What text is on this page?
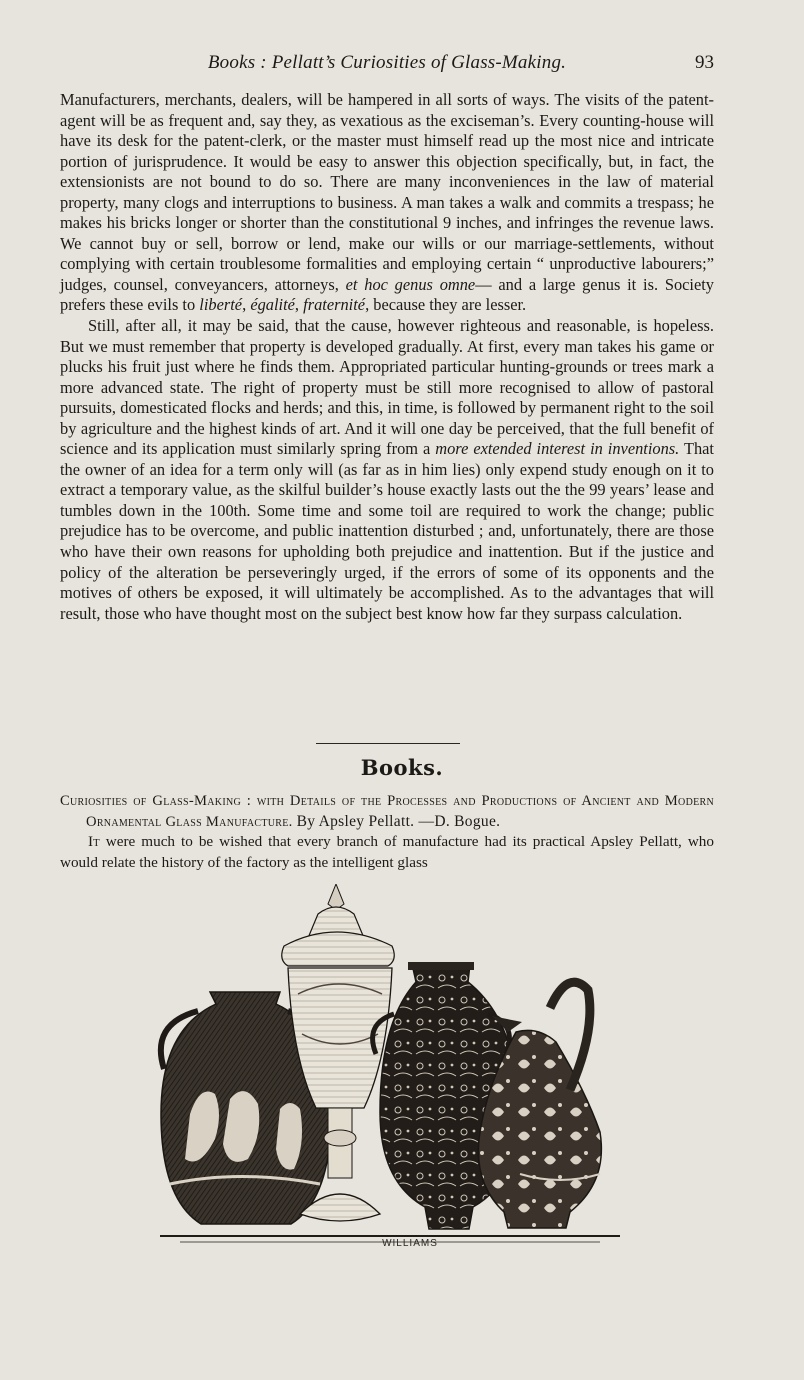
Books : Pellatt’s Curiosities of Glass-Making.	93

Manufacturers, merchants, dealers, will be hampered in all sorts of ways. The visits of the patent-agent will be as frequent and, say they, as vexatious as the exciseman’s. Every counting-house will have its desk for the patent-clerk, or the master must himself read up the most nice and intricate portion of jurisprudence. It would be easy to answer this objection specifically, but, in fact, the extensionists are not bound to do so. There are many inconveniences in the law of material property, many clogs and interruptions to business. A man takes a walk and commits a trespass; he makes his bricks longer or shorter than the constitutional 9 inches, and infringes the revenue laws. We cannot buy or sell, borrow or lend, make our wills or our marriage-settlements, without complying with certain troublesome formalities and employing certain “ unproductive labourers;” judges, counsel, conveyancers, attorneys, et hoc genus omne— and a large genus it is. Society prefers these evils to liberté, égalité, fraternité, because they are lesser.

Still, after all, it may be said, that the cause, however righteous and reasonable, is hopeless. But we must remember that property is developed gradually. At first, every man takes his game or plucks his fruit just where he finds them. Appropriated particular hunting-grounds or trees mark a more advanced state. The right of property must be still more recognised to allow of pastoral pursuits, domesticated flocks and herds; and this, in time, is followed by permanent right to the soil by agriculture and the highest kinds of art. And it will one day be perceived, that the full benefit of science and its application must similarly spring from a more extended interest in inventions. That the owner of an idea for a term only will (as far as in him lies) only expend study enough on it to extract a temporary value, as the skilful builder’s house exactly lasts out the the 99 years’ lease and tumbles down in the 100th. Some time and some toil are required to work the change; public prejudice has to be overcome, and public inattention disturbed ; and, unfortunately, there are those who have their own reasons for upholding both prejudice and inattention. But if the justice and policy of the alteration be perseveringly urged, if the errors of some of its opponents and the motives of others be exposed, it will ultimately be accomplished. As to the advantages that will result, those who have thought most on the subject best know how far they surpass calculation.

Books.

Curiosities of Glass-Making : with Details of the Processes and Productions of Ancient and Modern Ornamental Glass Manufacture. By Apsley Pellatt. —D. Bogue.

It were much to be wished that every branch of manufacture had its practical Apsley Pellatt, who would relate the history of the factory as the intelligent glass

WILLIAMS
